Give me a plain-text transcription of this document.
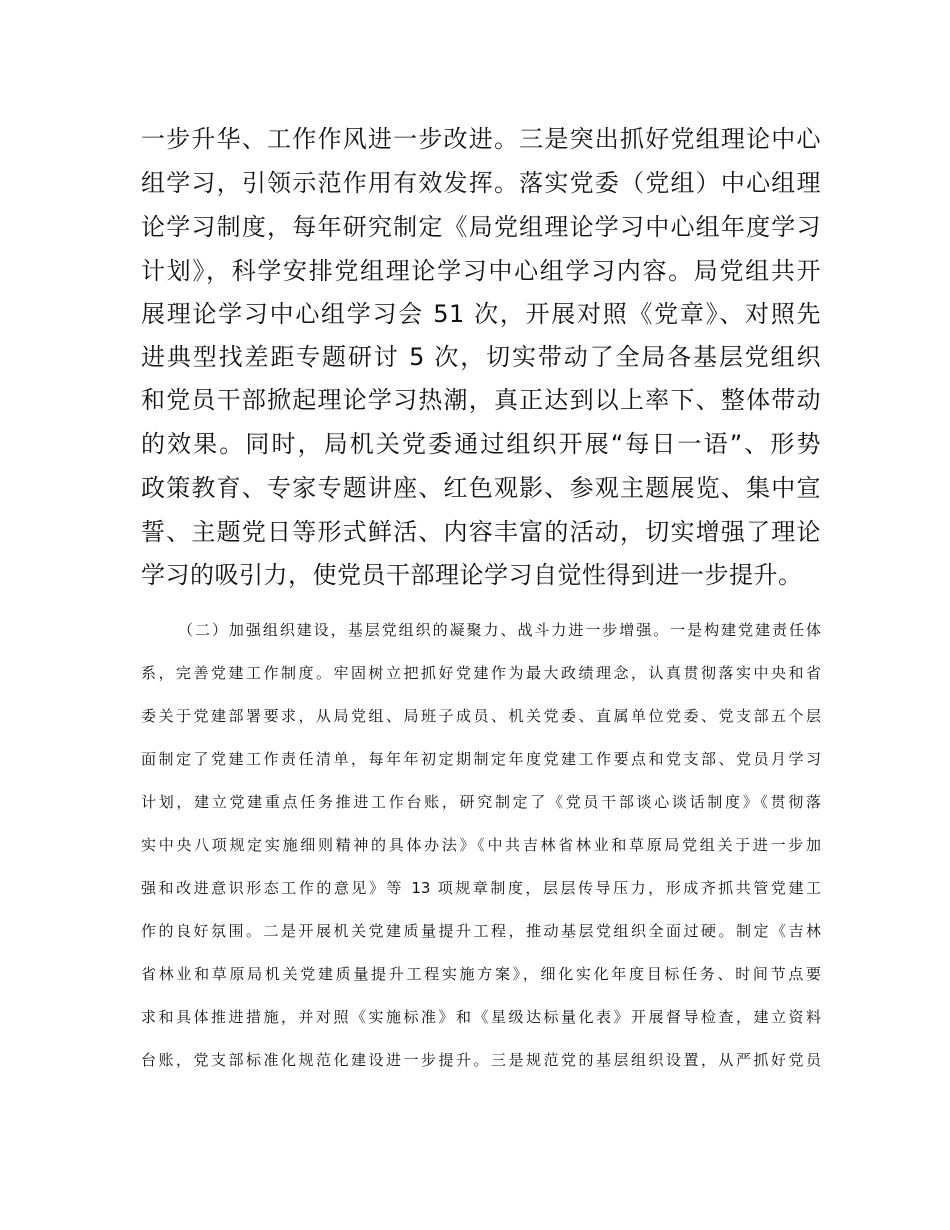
一步升华、工作作风进一步改进。三是突出抓好党组理论中心
组学习，引领示范作用有效发挥。落实党委（党组）中心组理
论学习制度，每年研究制定《局党组理论学习中心组年度学习
计划》，科学安排党组理论学习中心组学习内容。局党组共开
展理论学习中心组学习会 51 次，开展对照《党章》、对照先
进典型找差距专题研讨 5 次，切实带动了全局各基层党组织
和党员干部掀起理论学习热潮，真正达到以上率下、整体带动
的效果。同时，局机关党委通过组织开展“每日一语”、形势
政策教育、专家专题讲座、红色观影、参观主题展览、集中宣
誓、主题党日等形式鲜活、内容丰富的活动，切实增强了理论
学习的吸引力，使党员干部理论学习自觉性得到进一步提升。
（二）加强组织建设，基层党组织的凝聚力、战斗力进一步增强。一是构建党建责任体
系，完善党建工作制度。牢固树立把抓好党建作为最大政绩理念，认真贯彻落实中央和省
委关于党建部署要求，从局党组、局班子成员、机关党委、直属单位党委、党支部五个层
面制定了党建工作责任清单，每年年初定期制定年度党建工作要点和党支部、党员月学习
计划，建立党建重点任务推进工作台账，研究制定了《党员干部谈心谈话制度》《贯彻落
实中央八项规定实施细则精神的具体办法》《中共吉林省林业和草原局党组关于进一步加
强和改进意识形态工作的意见》等 13 项规章制度，层层传导压力，形成齐抓共管党建工
作的良好氛围。二是开展机关党建质量提升工程，推动基层党组织全面过硬。制定《吉林
省林业和草原局机关党建质量提升工程实施方案》，细化实化年度目标任务、时间节点要
求和具体推进措施，并对照《实施标准》和《星级达标量化表》开展督导检查，建立资料
台账，党支部标准化规范化建设进一步提升。三是规范党的基层组织设置，从严抓好党员
